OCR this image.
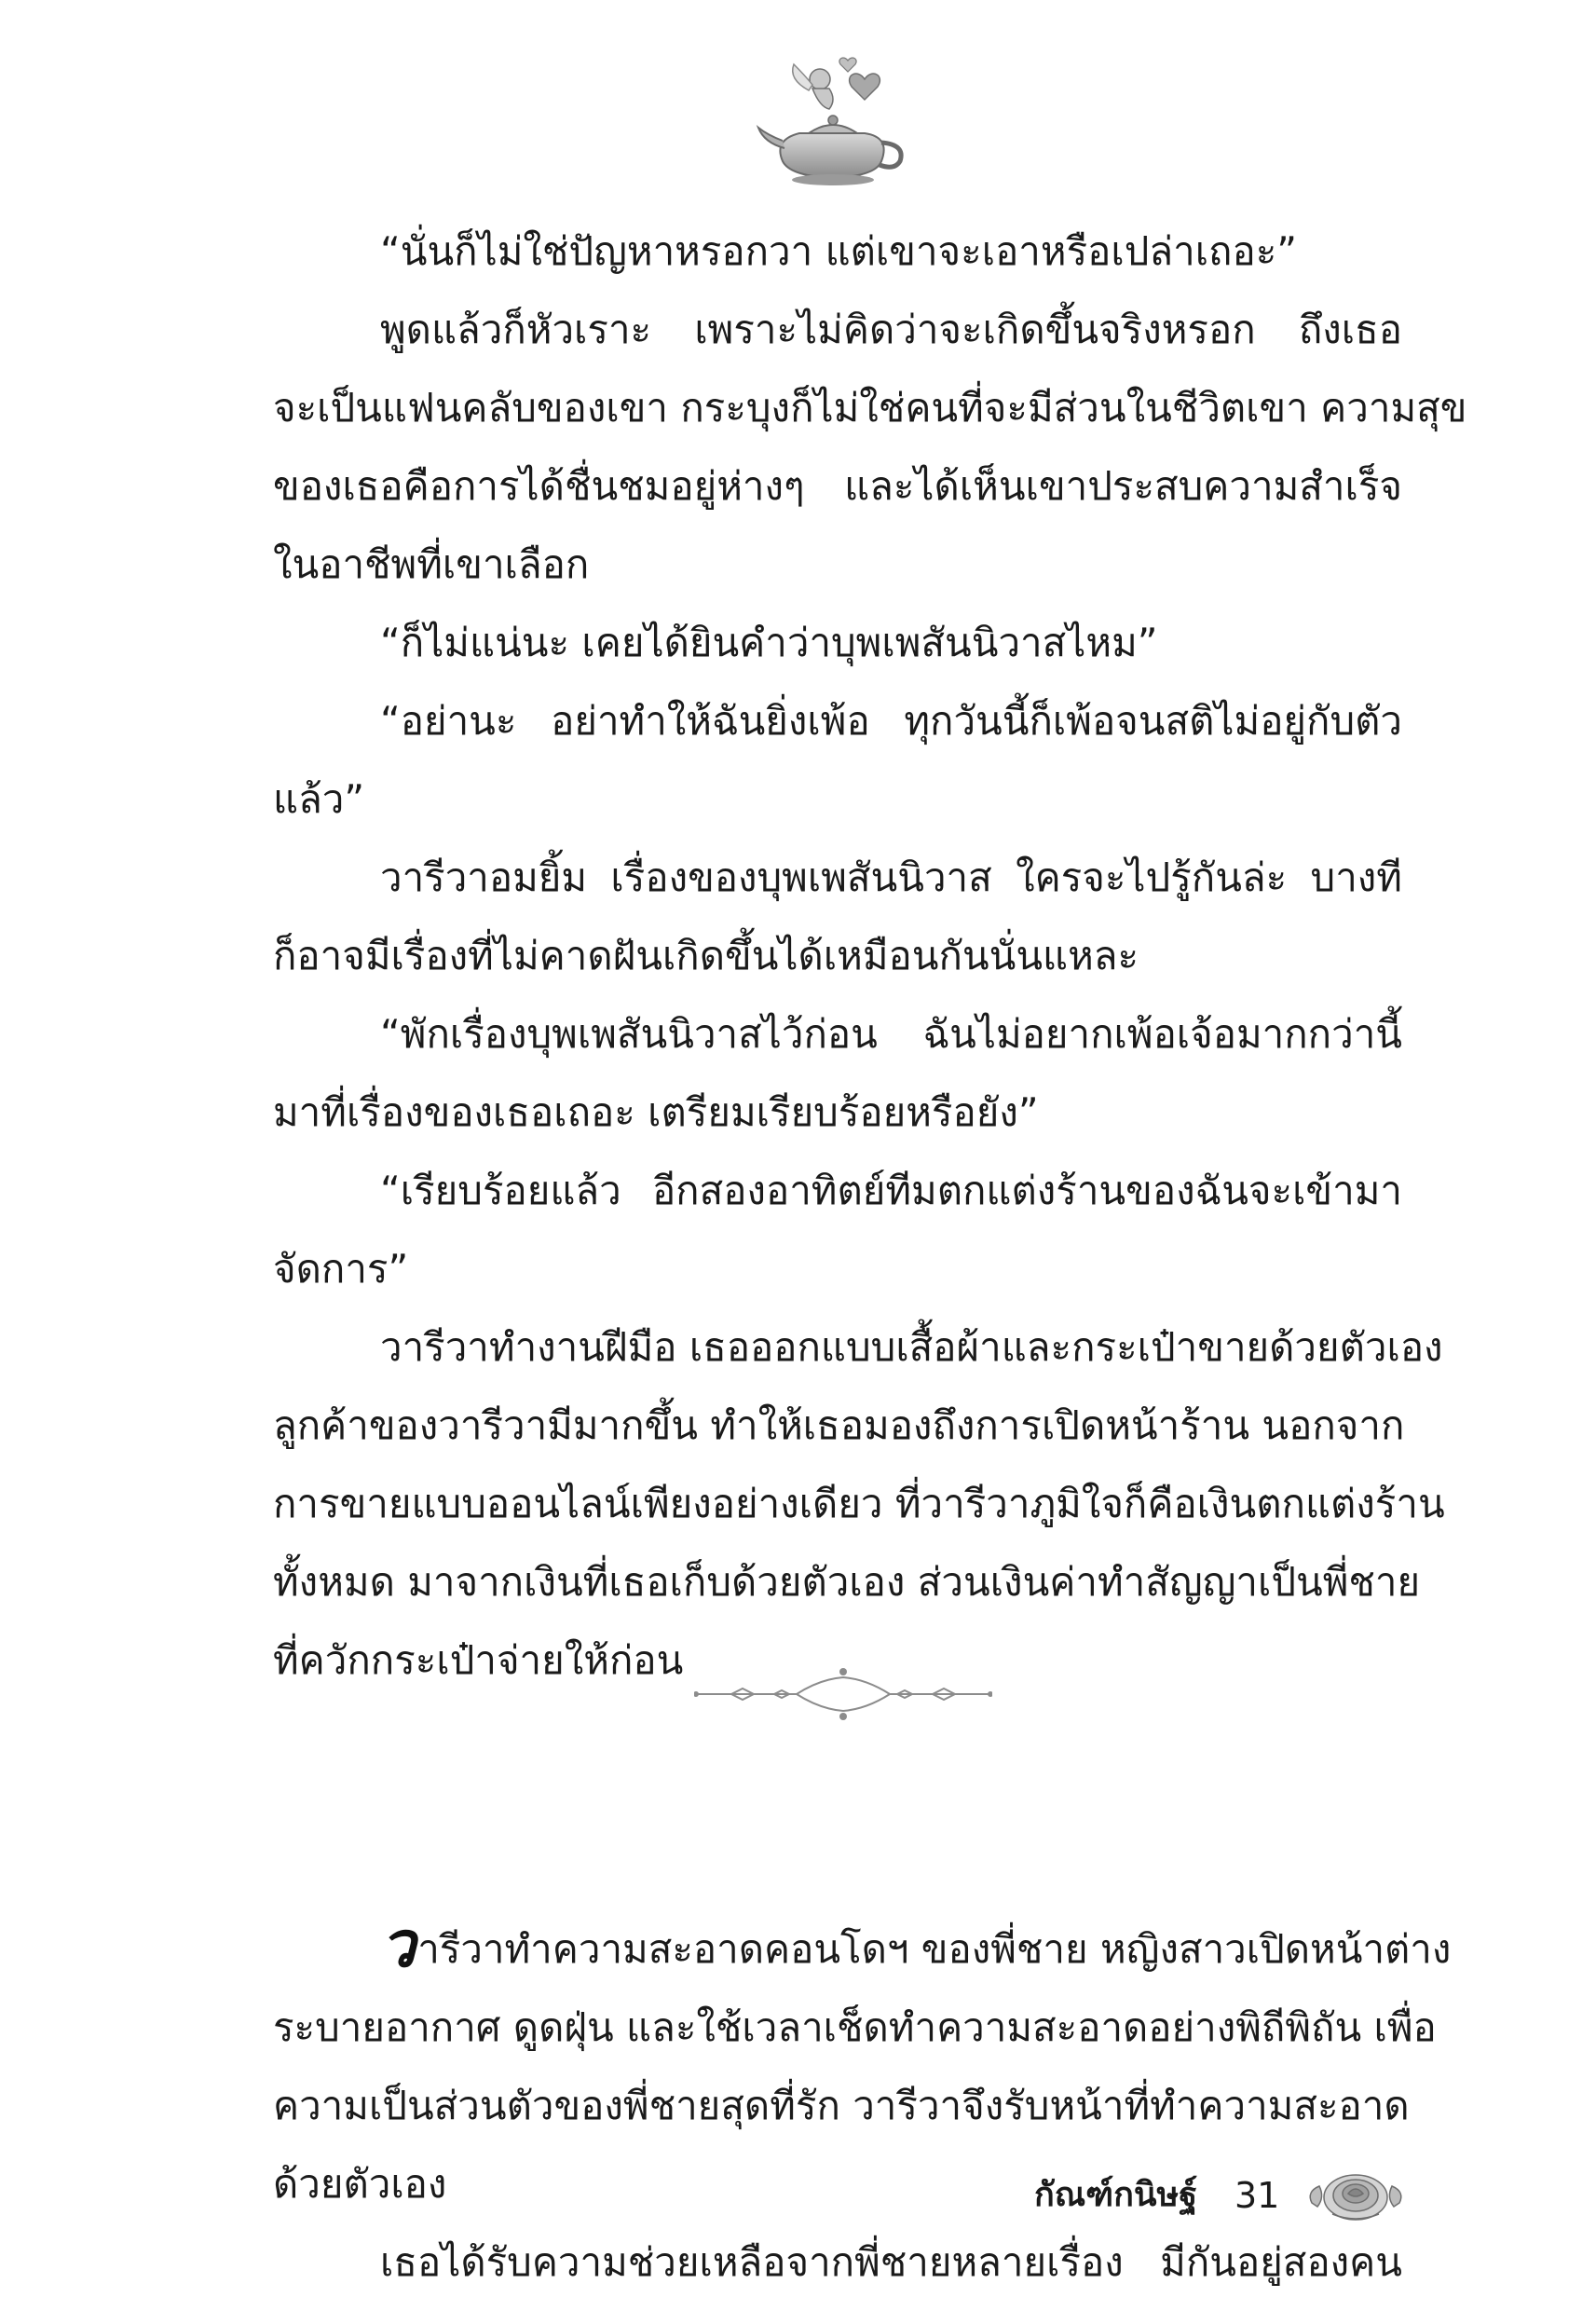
“นั่นก็ไม่ใช่ปัญหาหรอกวา แต่เขาจะเอาหรือเปล่าเถอะ”
พูดแล้วก็หัวเราะ เพราะไม่คิดว่าจะเกิดขึ้นจริงหรอก ถึงเธอ
จะเป็นแฟนคลับของเขา กระบุงก็ไม่ใช่คนที่จะมีส่วนในชีวิตเขา ความสุข
ของเธอคือการได้ชื่นชมอยู่ห่างๆ และได้เห็นเขาประสบความสำเร็จ
ในอาชีพที่เขาเลือก
“ก็ไม่แน่นะ เคยได้ยินคำว่าบุพเพสันนิวาสไหม”
“อย่านะ อย่าทำให้ฉันยิ่งเพ้อ ทุกวันนี้ก็เพ้อจนสติไม่อยู่กับตัว
แล้ว”
วารีวาอมยิ้ม เรื่องของบุพเพสันนิวาส ใครจะไปรู้กันล่ะ บางที
ก็อาจมีเรื่องที่ไม่คาดฝันเกิดขึ้นได้เหมือนกันนั่นแหละ
“พักเรื่องบุพเพสันนิวาสไว้ก่อน ฉันไม่อยากเพ้อเจ้อมากกว่านี้
มาที่เรื่องของเธอเถอะ เตรียมเรียบร้อยหรือยัง”
“เรียบร้อยแล้ว อีกสองอาทิตย์ทีมตกแต่งร้านของฉันจะเข้ามา
จัดการ”
วารีวาทำงานฝีมือ เธอออกแบบเสื้อผ้าและกระเป๋าขายด้วยตัวเอง
ลูกค้าของวารีวามีมากขึ้น ทำให้เธอมองถึงการเปิดหน้าร้าน นอกจาก
การขายแบบออนไลน์เพียงอย่างเดียว ที่วารีวาภูมิใจก็คือเงินตกแต่งร้าน
ทั้งหมด มาจากเงินที่เธอเก็บด้วยตัวเอง ส่วนเงินค่าทำสัญญาเป็นพี่ชาย
ที่ควักกระเป๋าจ่ายให้ก่อน
วารีวาทำความสะอาดคอนโดฯ ของพี่ชาย หญิงสาวเปิดหน้าต่าง
ระบายอากาศ ดูดฝุ่น และใช้เวลาเช็ดทำความสะอาดอย่างพิถีพิถัน เพื่อ
ความเป็นส่วนตัวของพี่ชายสุดที่รัก วารีวาจึงรับหน้าที่ทำความสะอาด
ด้วยตัวเอง
เธอได้รับความช่วยเหลือจากพี่ชายหลายเรื่อง มีกันอยู่สองคน
กัณฑ์กนิษฐ์ 31
